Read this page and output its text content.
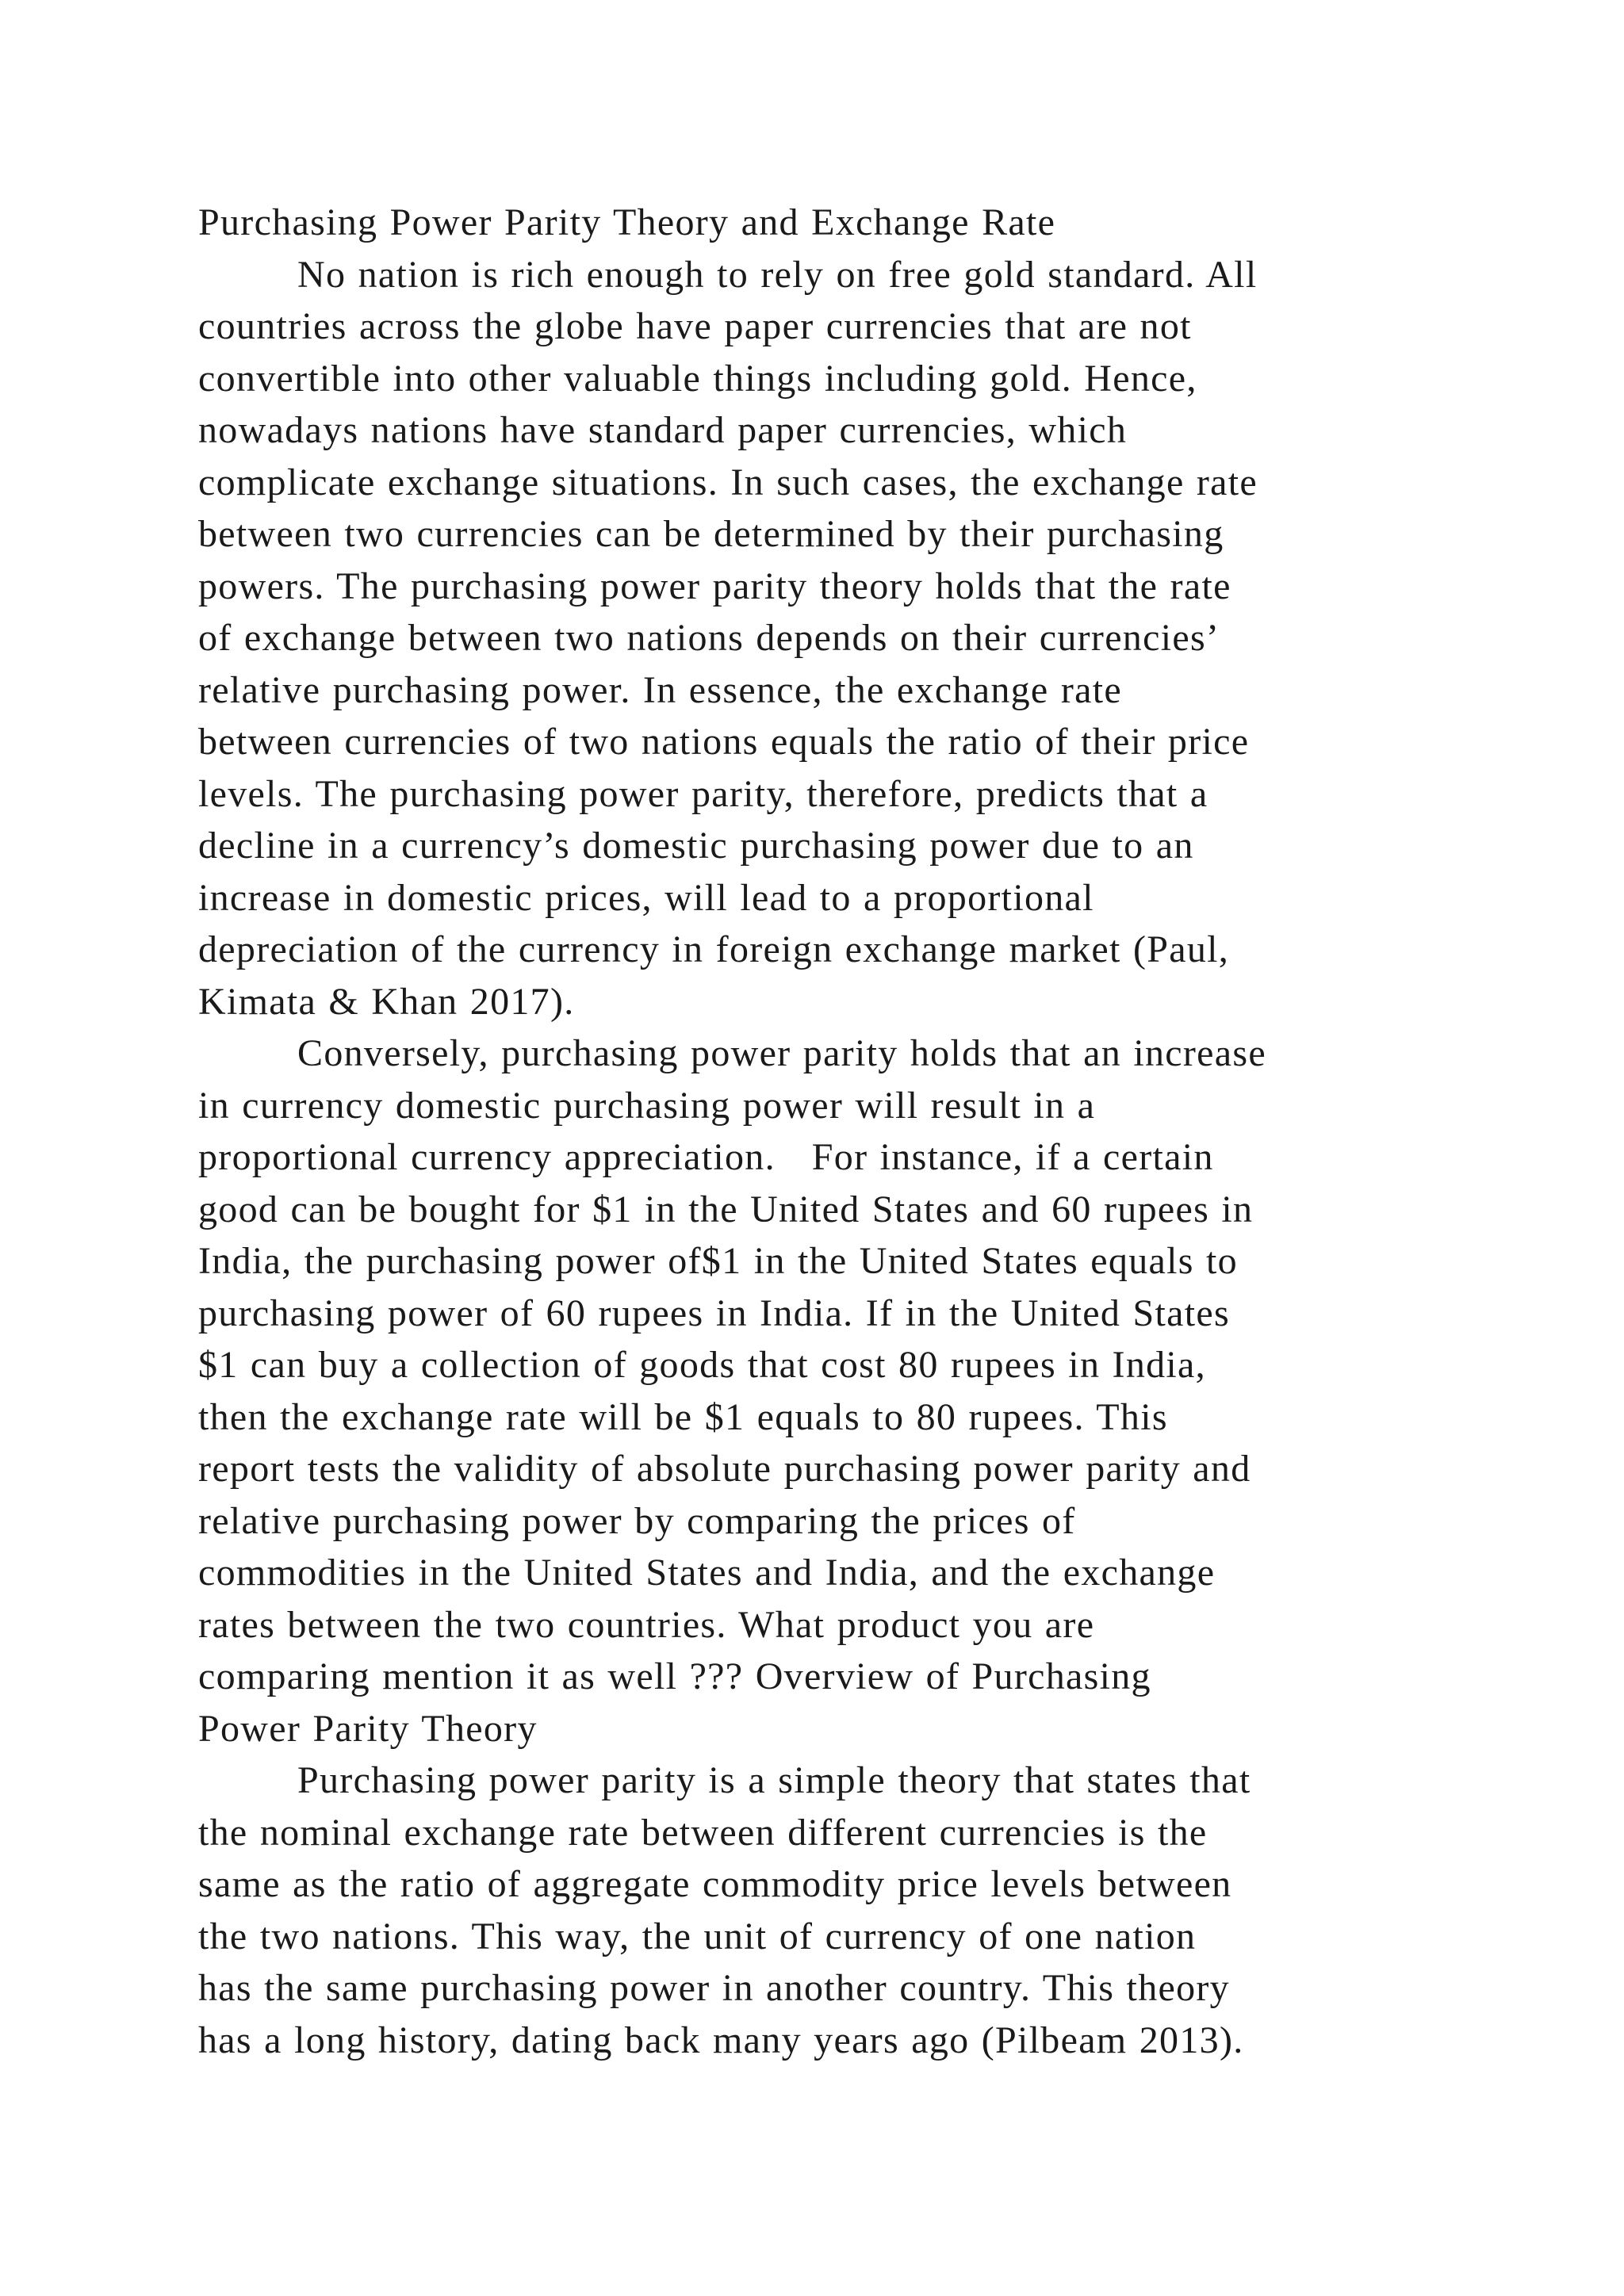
Purchasing Power Parity Theory and Exchange Rate
No nation is rich enough to rely on free gold standard. All
countries across the globe have paper currencies that are not
convertible into other valuable things including gold. Hence,
nowadays nations have standard paper currencies, which
complicate exchange situations. In such cases, the exchange rate
between two currencies can be determined by their purchasing
powers. The purchasing power parity theory holds that the rate
of exchange between two nations depends on their currencies’
relative purchasing power. In essence, the exchange rate
between currencies of two nations equals the ratio of their price
levels. The purchasing power parity, therefore, predicts that a
decline in a currency’s domestic purchasing power due to an
increase in domestic prices, will lead to a proportional
depreciation of the currency in foreign exchange market (Paul,
Kimata & Khan 2017).
Conversely, purchasing power parity holds that an increase
in currency domestic purchasing power will result in a
proportional currency appreciation.   For instance, if a certain
good can be bought for $1 in the United States and 60 rupees in
India, the purchasing power of$1 in the United States equals to
purchasing power of 60 rupees in India. If in the United States
$1 can buy a collection of goods that cost 80 rupees in India,
then the exchange rate will be $1 equals to 80 rupees. This
report tests the validity of absolute purchasing power parity and
relative purchasing power by comparing the prices of
commodities in the United States and India, and the exchange
rates between the two countries. What product you are
comparing mention it as well ??? Overview of Purchasing
Power Parity Theory
Purchasing power parity is a simple theory that states that
the nominal exchange rate between different currencies is the
same as the ratio of aggregate commodity price levels between
the two nations. This way, the unit of currency of one nation
has the same purchasing power in another country. This theory
has a long history, dating back many years ago (Pilbeam 2013).
